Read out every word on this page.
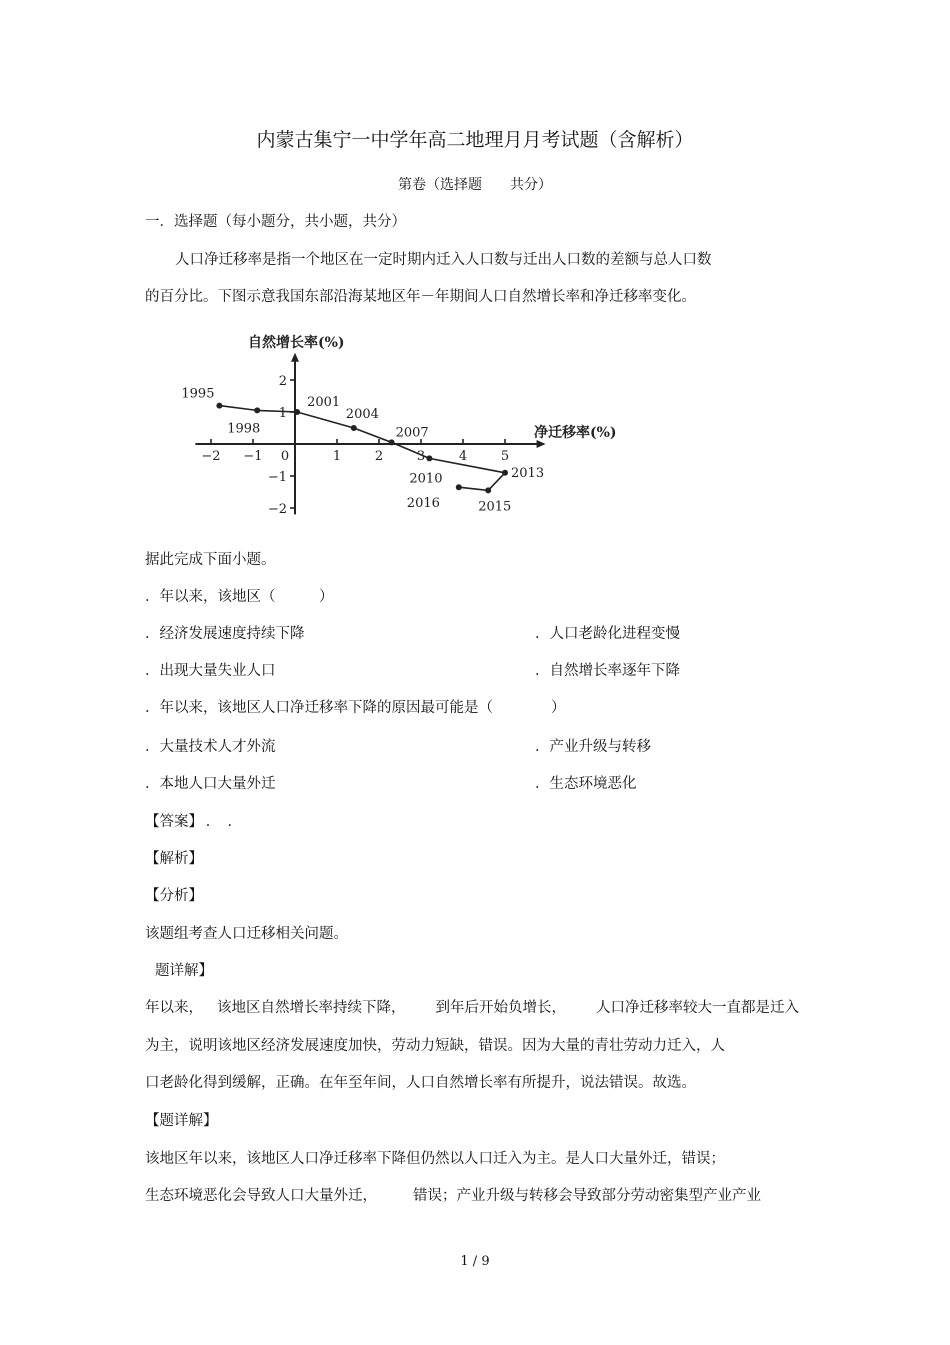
内蒙古集宁一中学年高二地理月月考试题（含解析）
第卷（选择题　　共分）
一．选择题（每小题分，共小题，共分）
人口净迁移率是指一个地区在一定时期内迁入人口数与迁出人口数的差额与总人口数
的百分比。下图示意我国东部沿海某地区年－年期间人口自然增长率和净迁移率变化。
−2 −1 0	1	2	3	4	5
2
1
−1
−2
自然增长率(%)
净迁移率(%)
1995
1998
2001
2004
2007
2010	2013
2015
2016
据此完成下面小题。
．年以来，该地区（　　　）
．经济发展速度持续下降	．人口老龄化进程变慢
．出现大量失业人口	．自然增长率逐年下降
．年以来，该地区人口净迁移率下降的原因最可能是（　　　　）
．大量技术人才外流	．产业升级与转移
．本地人口大量外迁	．生态环境恶化
【答案】 ．　．
【解析】
【分析】
该题组考查人口迁移相关问题。
题详解】
年以来， 该地区自然增长率持续下降， 到年后开始负增长， 人口净迁移率较大一直都是迁入
为主，说明该地区经济发展速度加快，劳动力短缺，错误。因为大量的青壮劳动力迁入，人
口老龄化得到缓解，正确。在年至年间，人口自然增长率有所提升，说法错误。故选。
【题详解】
该地区年以来，该地区人口净迁移率下降但仍然以人口迁入为主。是人口大量外迁，错误；
生态环境恶化会导致人口大量外迁， 错误；产业升级与转移会导致部分劳动密集型产业产业
1 / 9
